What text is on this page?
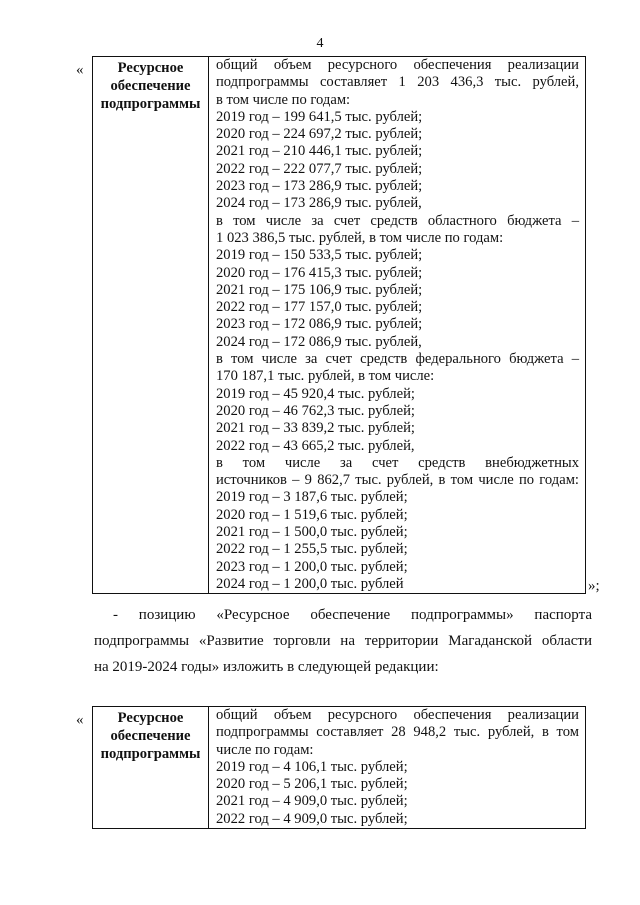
4
«	Ресурсное
обеспечение
подпрограммы

общий объем ресурсного обеспечения реализации
подпрограммы составляет 1 203 436,3 тыс. рублей,
в том числе по годам:
2019 год – 199 641,5 тыс. рублей;
2020 год – 224 697,2 тыс. рублей;
2021 год – 210 446,1 тыс. рублей;
2022 год – 222 077,7 тыс. рублей;
2023 год – 173 286,9 тыс. рублей;
2024 год – 173 286,9 тыс. рублей,
в том числе за счет средств областного бюджета –
1 023 386,5 тыс. рублей, в том числе по годам:
2019 год – 150 533,5 тыс. рублей;
2020 год – 176 415,3 тыс. рублей;
2021 год – 175 106,9 тыс. рублей;
2022 год – 177 157,0 тыс. рублей;
2023 год – 172 086,9 тыс. рублей;
2024 год – 172 086,9 тыс. рублей,
в том числе за счет средств федерального бюджета –
170 187,1 тыс. рублей, в том числе:
2019 год – 45 920,4 тыс. рублей;
2020 год – 46 762,3 тыс. рублей;
2021 год – 33 839,2 тыс. рублей;
2022 год – 43 665,2 тыс. рублей,
в том числе за счет средств внебюджетных
источников – 9 862,7 тыс. рублей, в том числе по годам:
2019 год – 3 187,6 тыс. рублей;
2020 год – 1 519,6 тыс. рублей;
2021 год – 1 500,0 тыс. рублей;
2022 год – 1 255,5 тыс. рублей;
2023 год – 1 200,0 тыс. рублей;
2024 год – 1 200,0 тыс. рублей	»;
- позицию «Ресурсное обеспечение подпрограммы» паспорта
подпрограммы «Развитие торговли на территории Магаданской области
на 2019-2024 годы» изложить в следующей редакции:
«	Ресурсное
обеспечение
подпрограммы

общий объем ресурсного обеспечения реализации
подпрограммы составляет 28 948,2 тыс. рублей, в том
числе по годам:
2019 год – 4 106,1 тыс. рублей;
2020 год – 5 206,1 тыс. рублей;
2021 год – 4 909,0 тыс. рублей;
2022 год – 4 909,0 тыс. рублей;
